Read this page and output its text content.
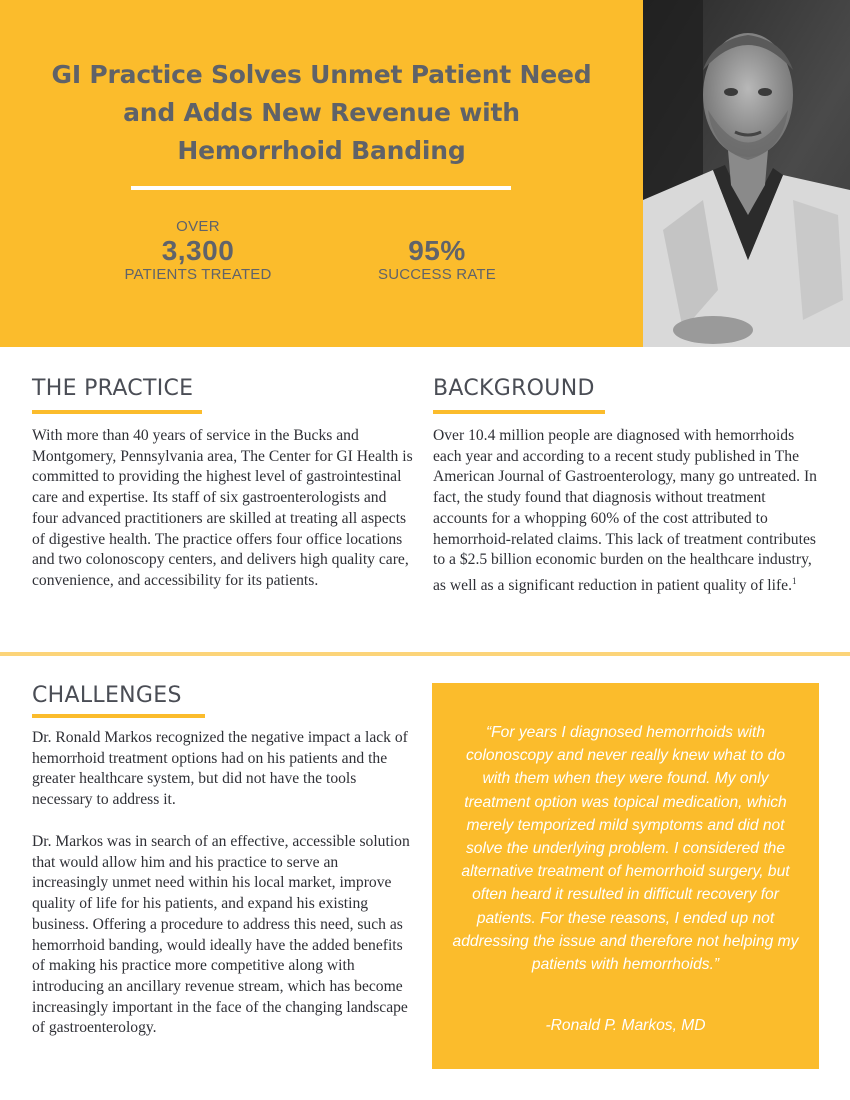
GI Practice Solves Unmet Patient Need and Adds New Revenue with Hemorrhoid Banding
OVER
3,300
PATIENTS TREATED
95%
SUCCESS RATE
THE PRACTICE

With more than 40 years of service in the Bucks and Montgomery, Pennsylvania area, The Center for GI Health is committed to providing the highest level of gastrointestinal care and expertise. Its staff of six gastroenterologists and four advanced practitioners are skilled at treating all aspects of digestive health. The practice offers four office locations and two colonoscopy centers, and delivers high quality care, convenience, and accessibility for its patients.

BACKGROUND

Over 10.4 million people are diagnosed with hemorrhoids each year and according to a recent study published in The American Journal of Gastroenterology, many go untreated. In fact, the study found that diagnosis without treatment accounts for a whopping 60% of the cost attributed to hemorrhoid-related claims. This lack of treatment contributes to a $2.5 billion economic burden on the healthcare industry, as well as a significant reduction in patient quality of life.$^1$

CHALLENGES

Dr. Ronald Markos recognized the negative impact a lack of hemorrhoid treatment options had on his patients and the greater healthcare system, but did not have the tools necessary to address it.

Dr. Markos was in search of an effective, accessible solution that would allow him and his practice to serve an increasingly unmet need within his local market, improve quality of life for his patients, and expand his existing business. Offering a procedure to address this need, such as hemorrhoid banding, would ideally have the added benefits of making his practice more competitive along with introducing an ancillary revenue stream, which has become increasingly important in the face of the changing landscape of gastroenterology.

“For years I diagnosed hemorrhoids with colonoscopy and never really knew what to do with them when they were found. My only treatment option was topical medication, which merely temporized mild symptoms and did not solve the underlying problem. I considered the alternative treatment of hemorrhoid surgery, but often heard it resulted in difficult recovery for patients. For these reasons, I ended up not addressing the issue and therefore not helping my patients with hemorrhoids.”

-Ronald P. Markos, MD
